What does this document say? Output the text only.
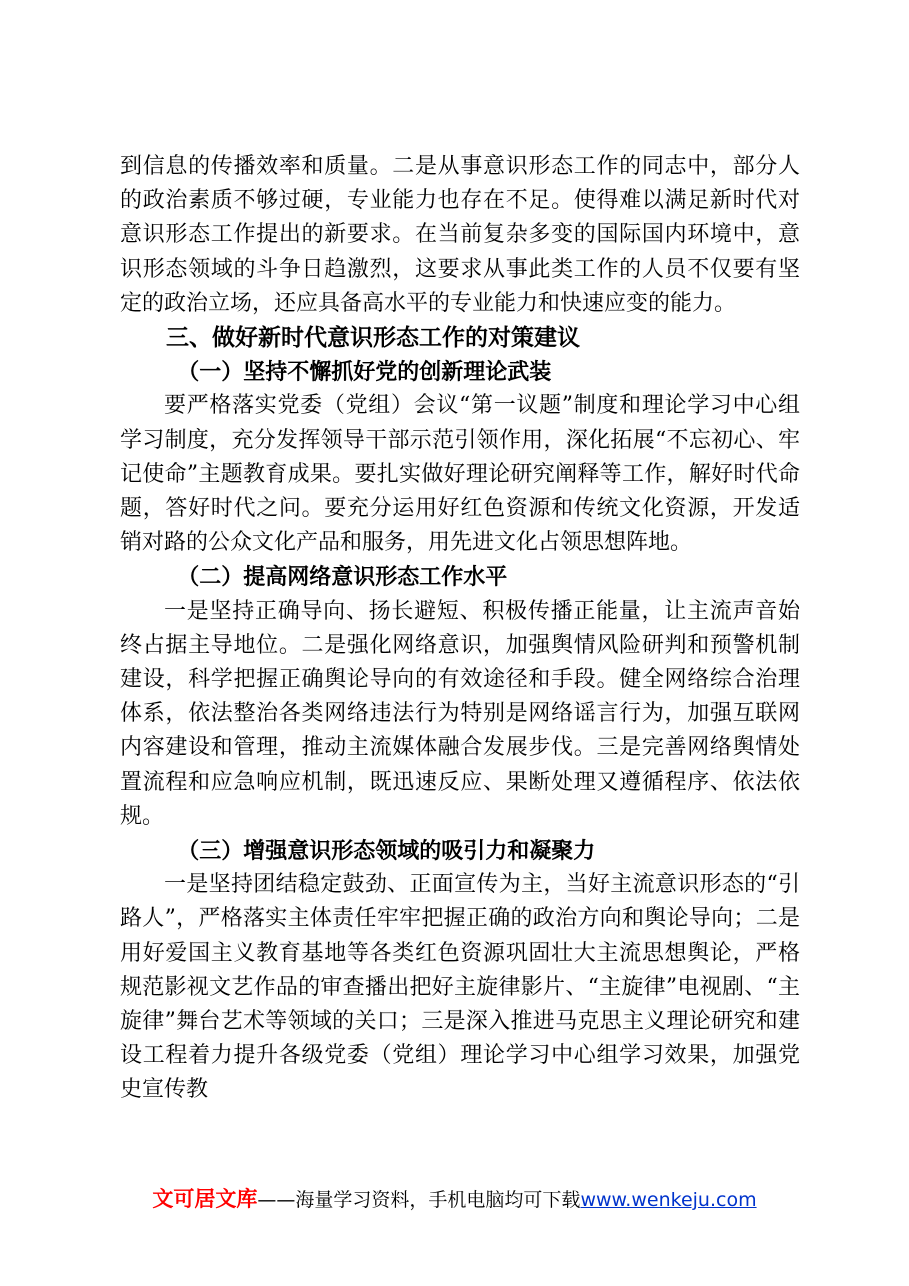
到信息的传播效率和质量。二是从事意识形态工作的同志中，部分人的政治素质不够过硬，专业能力也存在不足。使得难以满足新时代对意识形态工作提出的新要求。在当前复杂多变的国际国内环境中，意识形态领域的斗争日趋激烈，这要求从事此类工作的人员不仅要有坚定的政治立场，还应具备高水平的专业能力和快速应变的能力。

三、做好新时代意识形态工作的对策建议

（一）坚持不懈抓好党的创新理论武装

要严格落实党委（党组）会议“第一议题”制度和理论学习中心组学习制度，充分发挥领导干部示范引领作用，深化拓展“不忘初心、牢记使命”主题教育成果。要扎实做好理论研究阐释等工作，解好时代命题，答好时代之问。要充分运用好红色资源和传统文化资源，开发适销对路的公众文化产品和服务，用先进文化占领思想阵地。

（二）提高网络意识形态工作水平

一是坚持正确导向、扬长避短、积极传播正能量，让主流声音始终占据主导地位。二是强化网络意识，加强舆情风险研判和预警机制建设，科学把握正确舆论导向的有效途径和手段。健全网络综合治理体系，依法整治各类网络违法行为特别是网络谣言行为，加强互联网内容建设和管理，推动主流媒体融合发展步伐。三是完善网络舆情处置流程和应急响应机制，既迅速反应、果断处理又遵循程序、依法依规。

（三）增强意识形态领域的吸引力和凝聚力

一是坚持团结稳定鼓劲、正面宣传为主，当好主流意识形态的“引路人”，严格落实主体责任牢牢把握正确的政治方向和舆论导向；二是用好爱国主义教育基地等各类红色资源巩固壮大主流思想舆论，严格规范影视文艺作品的审查播出把好主旋律影片、“主旋律”电视剧、“主旋律”舞台艺术等领域的关口；三是深入推进马克思主义理论研究和建设工程着力提升各级党委（党组）理论学习中心组学习效果，加强党史宣传教

文可居文库——海量学习资料，手机电脑均可下载www.wenkeju.com
